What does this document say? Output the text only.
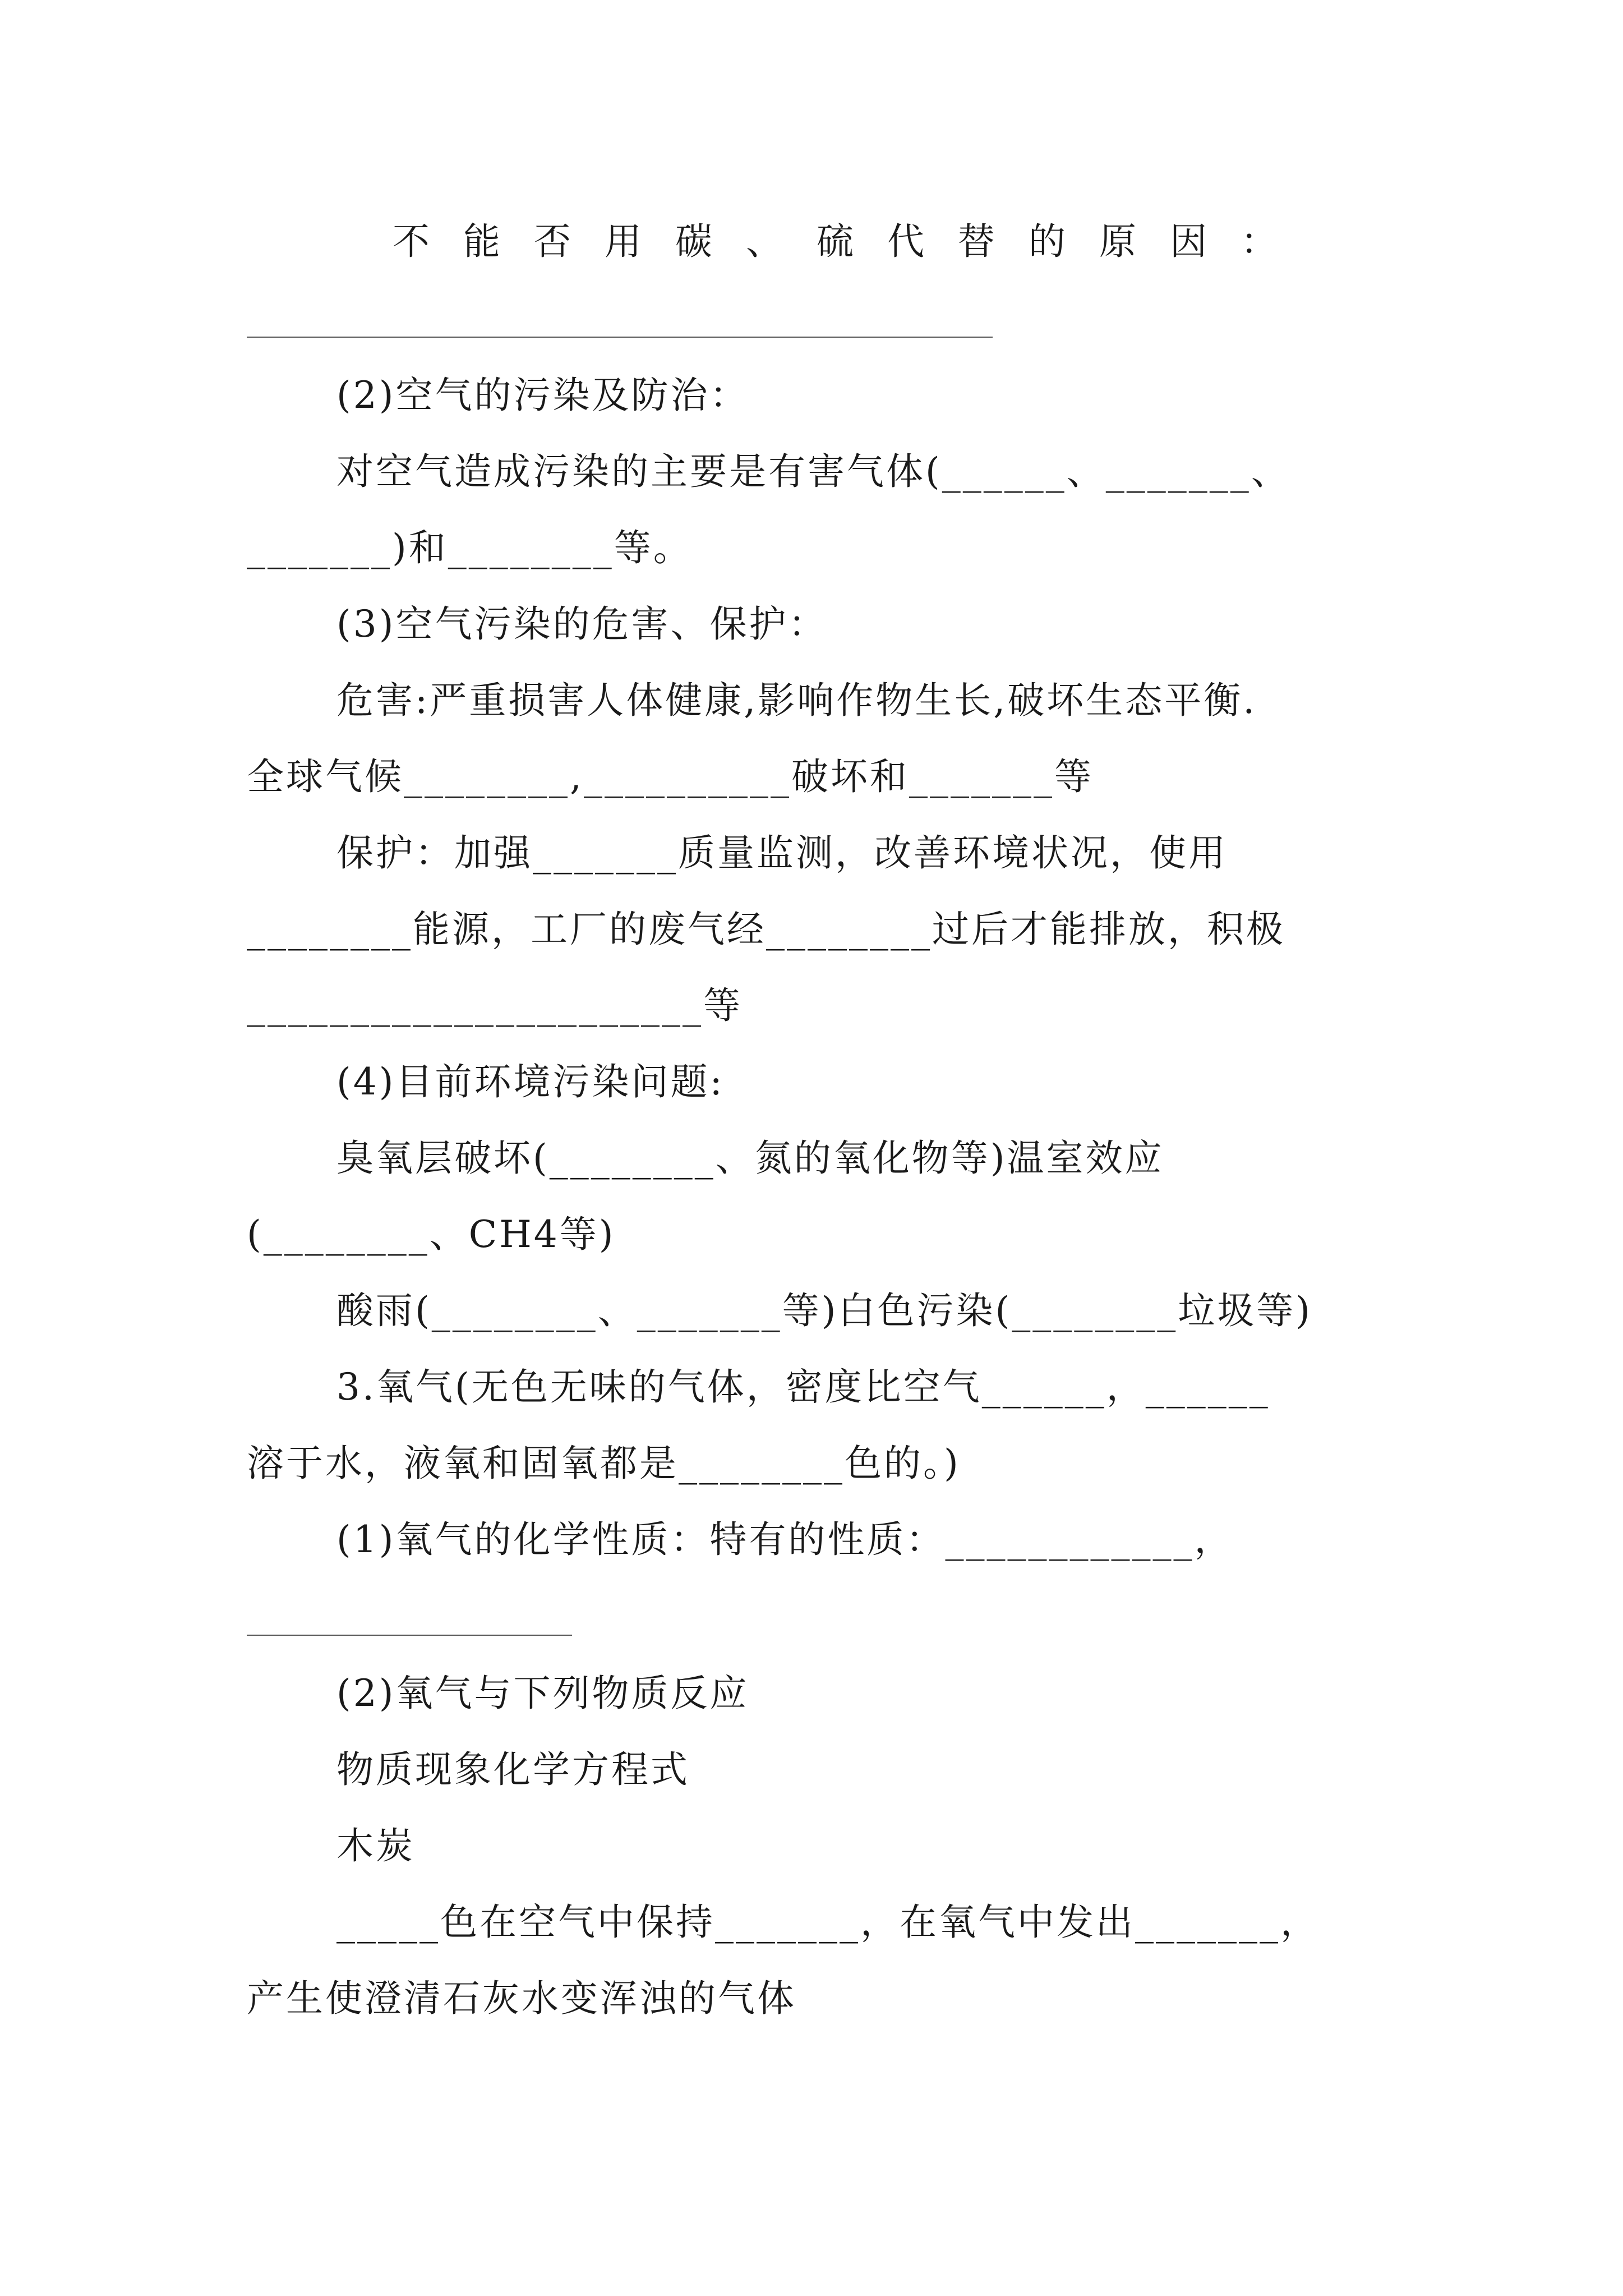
不能否用碳、硫代替的原因：
(2)空气的污染及防治：
对空气造成污染的主要是有害气体(______、_______、
_______)和________等。
(3)空气污染的危害、保护：
危害:严重损害人体健康,影响作物生长,破坏生态平衡.
全球气候________,__________破坏和_______等
保护：加强_______质量监测，改善环境状况，使用
________能源，工厂的废气经________过后才能排放，积极
______________________等
(4)目前环境污染问题:
臭氧层破坏(________、氮的氧化物等)温室效应
(________、CH4等)
酸雨(________、_______等)白色污染(________垃圾等)
3.氧气(无色无味的气体，密度比空气______，______
溶于水，液氧和固氧都是________色的。)
(1)氧气的化学性质：特有的性质：____________，
(2)氧气与下列物质反应
物质现象化学方程式
木炭
_____色在空气中保持_______，在氧气中发出_______，
产生使澄清石灰水变浑浊的气体
